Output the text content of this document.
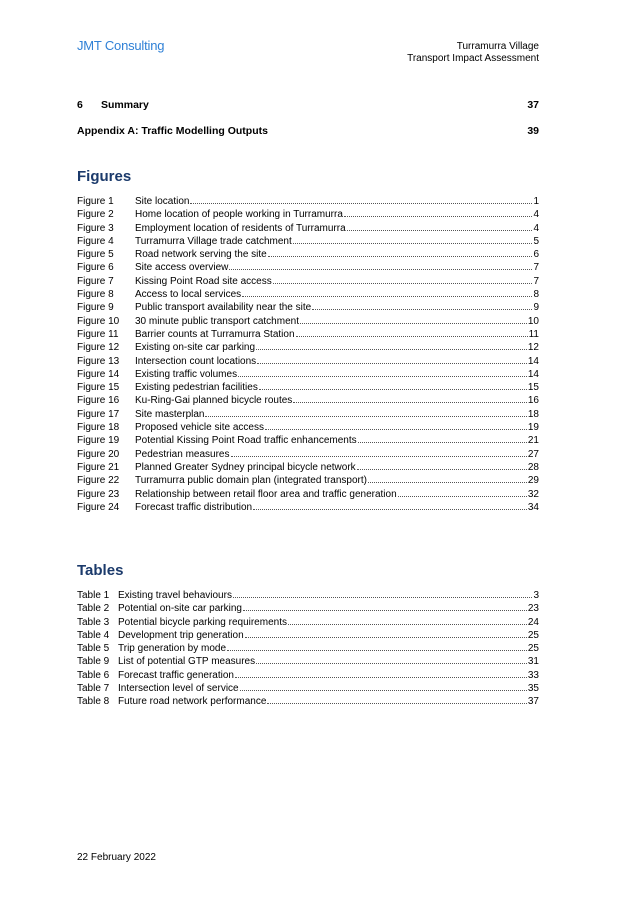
JMT Consulting	Turramurra Village
Transport Impact Assessment
6 Summary	37
Appendix A: Traffic Modelling Outputs	39
Figures
Figure 1	Site location	1
Figure 2	Home location of people working in Turramurra	4
Figure 3	Employment location of residents of Turramurra	4
Figure 4	Turramurra Village trade catchment	5
Figure 5	Road network serving the site	6
Figure 6	Site access overview	7
Figure 7	Kissing Point Road site access	7
Figure 8	Access to local services	8
Figure 9	Public transport availability near the site	9
Figure 10	30 minute public transport catchment	10
Figure 11	Barrier counts at Turramurra Station	11
Figure 12	Existing on-site car parking	12
Figure 13	Intersection count locations	14
Figure 14	Existing traffic volumes	14
Figure 15	Existing pedestrian facilities	15
Figure 16	Ku-Ring-Gai planned bicycle routes	16
Figure 17	Site masterplan	18
Figure 18	Proposed vehicle site access	19
Figure 19	Potential Kissing Point Road traffic enhancements	21
Figure 20	Pedestrian measures	27
Figure 21	Planned Greater Sydney principal bicycle network	28
Figure 22	Turramurra public domain plan (integrated transport)	29
Figure 23	Relationship between retail floor area and traffic generation	32
Figure 24	Forecast traffic distribution	34
Tables
Table 1 Existing travel behaviours	3
Table 2 Potential on-site car parking	23
Table 3 Potential bicycle parking requirements	24
Table 4 Development trip generation	25
Table 5 Trip generation by mode	25
Table 9 List of potential GTP measures	31
Table 6 Forecast traffic generation	33
Table 7 Intersection level of service	35
Table 8 Future road network performance	37
22 February 2022
